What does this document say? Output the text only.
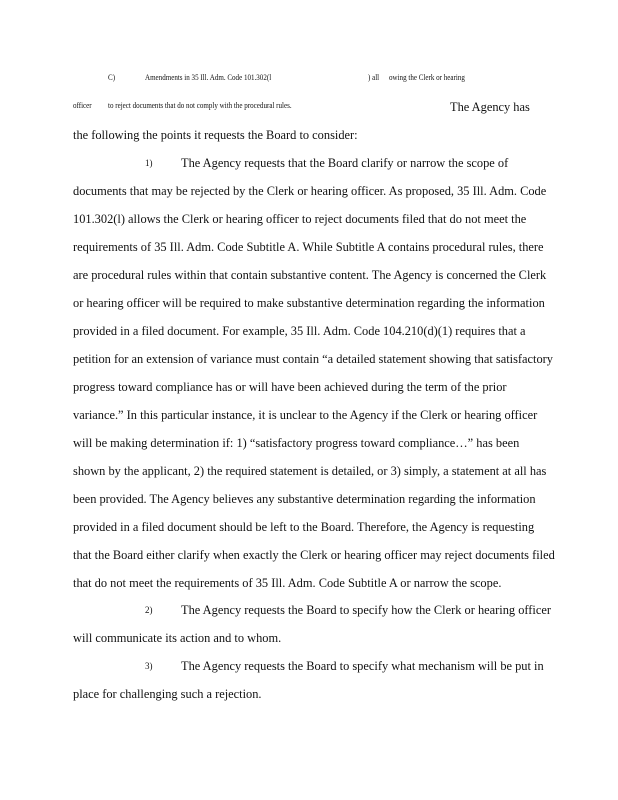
C)	Amendments in 35 Ill. Adm. Code 101.302(l	) all owing the Clerk or hearing
officer to reject documents that do not comply with the procedural rules.	The Agency has
the following the points it requests the Board to consider:
1) The Agency requests that the Board clarify or narrow the scope of
documents that may be rejected by the Clerk or hearing officer. As proposed, 35 Ill. Adm. Code
101.302(l) allows the Clerk or hearing officer to reject documents filed that do not meet the
requirements of 35 Ill. Adm. Code Subtitle A. While Subtitle A contains procedural rules, there
are procedural rules within that contain substantive content. The Agency is concerned the Clerk
or hearing officer will be required to make substantive determination regarding the information
provided in a filed document. For example, 35 Ill. Adm. Code 104.210(d)(1) requires that a
petition for an extension of variance must contain “a detailed statement showing that satisfactory
progress toward compliance has or will have been achieved during the term of the prior
variance.” In this particular instance, it is unclear to the Agency if the Clerk or hearing officer
will be making determination if: 1) “satisfactory progress toward compliance…” has been
shown by the applicant, 2) the required statement is detailed, or 3) simply, a statement at all has
been provided. The Agency believes any substantive determination regarding the information
provided in a filed document should be left to the Board. Therefore, the Agency is requesting
that the Board either clarify when exactly the Clerk or hearing officer may reject documents filed
that do not meet the requirements of 35 Ill. Adm. Code Subtitle A or narrow the scope.
2) The Agency requests the Board to specify how the Clerk or hearing officer
will communicate its action and to whom.
3) The Agency requests the Board to specify what mechanism will be put in
place for challenging such a rejection.
